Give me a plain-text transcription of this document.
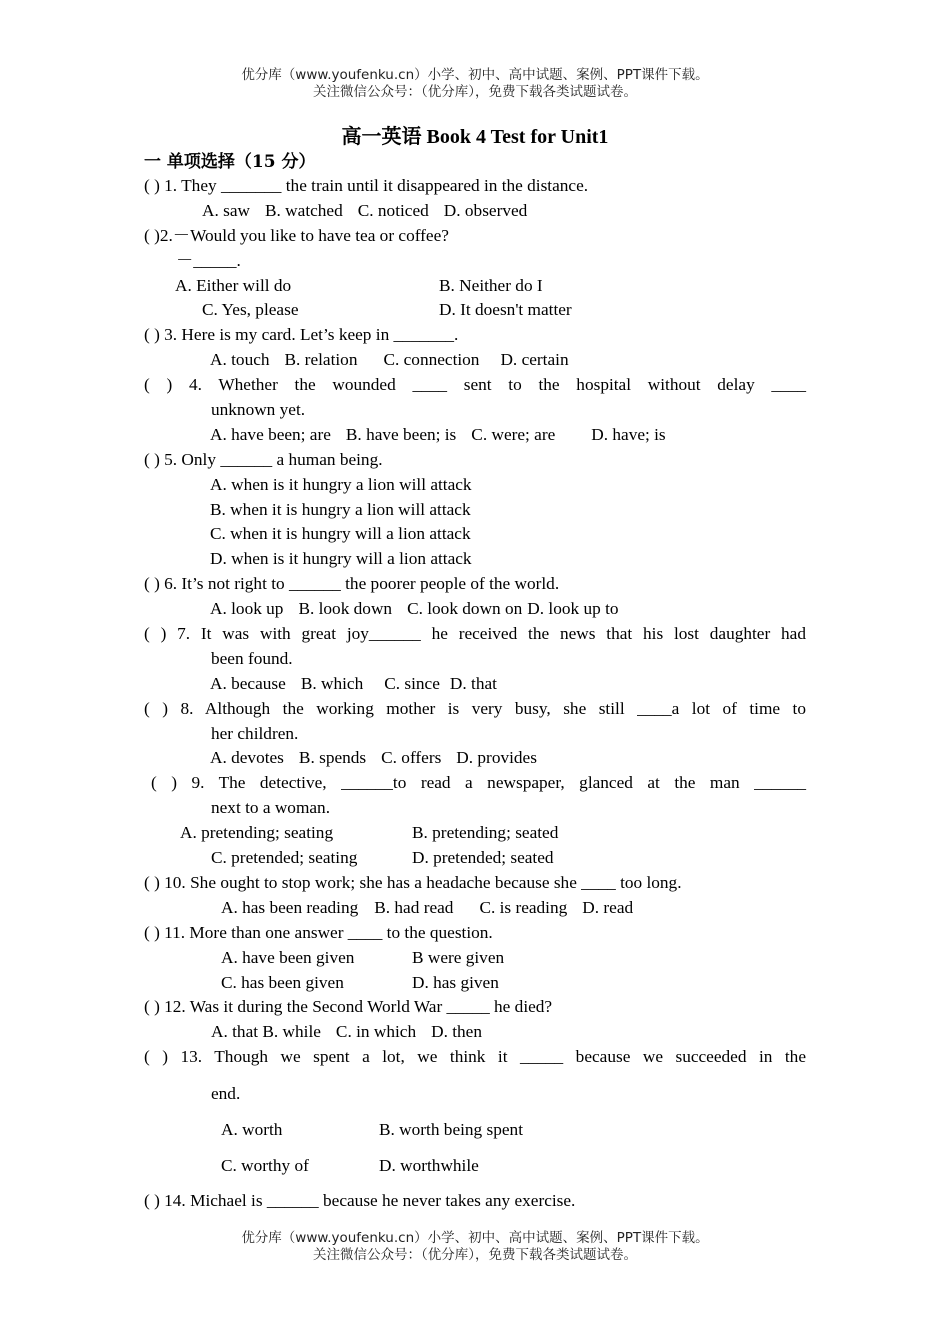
优分库（www.youfenku.cn）小学、初中、高中试题、案例、PPT课件下载。
关注微信公众号：（优分库），免费下载各类试题试卷。
高一英语 Book 4 Test for Unit1
一 单项选择（15 分）
( ) 1. They _______ the train until it disappeared in the distance.
A. saw B. watched C. noticed D. observed
( )2.－Would you like to have tea or coffee?
－_____.
A. Either will do	B. Neither do I
C. Yes, please	D. It doesn't matter
( ) 3. Here is my card. Let’s keep in _______.
A. touch B. relation C. connection D. certain
( ) 4. Whether the wounded ____ sent to the hospital without delay ____
unknown yet.
A. have been; are B. have been; is C. were; are D. have; is
( ) 5. Only ______ a human being.
A. when is it hungry a lion will attack
B. when it is hungry a lion will attack
C. when it is hungry will a lion attack
D. when is it hungry will a lion attack
( ) 6. It’s not right to ______ the poorer people of the world.
A. look up B. look down C. look down on D. look up to
( ) 7. It was with great joy______ he received the news that his lost daughter had
been found.
A. because B. which C. since D. that
( ) 8. Although the working mother is very busy, she still ____a lot of time to
her children.
A. devotes B. spends C. offers D. provides
( ) 9. The detective, ______to read a newspaper, glanced at the man ______
next to a woman.
A. pretending; seating	B. pretending; seated
C. pretended; seating	D. pretended; seated
( ) 10. She ought to stop work; she has a headache because she ____ too long.
A. has been reading B. had read C. is reading D. read
( ) 11. More than one answer ____ to the question.
A. have been given	B were given
C. has been given	D. has given
( ) 12. Was it during the Second World War _____ he died?
A. that B. while C. in which D. then
( ) 13. Though we spent a lot, we think it _____ because we succeeded in the
end.
A. worth	B. worth being spent
C. worthy of	D. worthwhile
( ) 14. Michael is ______ because he never takes any exercise.
优分库（www.youfenku.cn）小学、初中、高中试题、案例、PPT课件下载。
关注微信公众号：（优分库），免费下载各类试题试卷。
